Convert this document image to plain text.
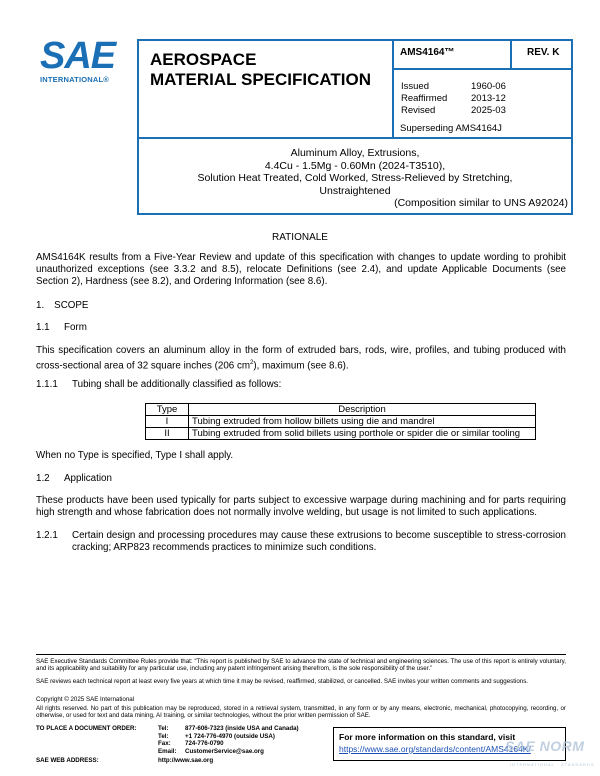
SAE
INTERNATIONAL®
AEROSPACE
MATERIAL SPECIFICATION
AMS4164™	REV. K
Issued	1960-06
Reaffirmed 2013-12
Revised	2025-03
Superseding AMS4164J
Aluminum Alloy, Extrusions,
4.4Cu - 1.5Mg - 0.60Mn (2024-T3510),
Solution Heat Treated, Cold Worked, Stress-Relieved by Stretching,
Unstraightened
(Composition similar to UNS A92024)
RATIONALE
AMS4164K results from a Five-Year Review and update of this specification with changes to update wording to prohibit unauthorized exceptions (see 3.3.2 and 8.5), relocate Definitions (see 2.4), and update Applicable Documents (see Section 2), Hardness (see 8.2), and Ordering Information (see 8.6).
1. SCOPE
1.1 Form
This specification covers an aluminum alloy in the form of extruded bars, rods, wire, profiles, and tubing produced with cross-sectional area of 32 square inches (206 $cm^2$), maximum (see 8.6).
1.1.1 Tubing shall be additionally classified as follows:
Type	Description
I	Tubing extruded from hollow billets using die and mandrel
II	Tubing extruded from solid billets using porthole or spider die or similar tooling
When no Type is specified, Type I shall apply.
1.2 Application
These products have been used typically for parts subject to excessive warpage during machining and for parts requiring high strength and whose fabrication does not normally involve welding, but usage is not limited to such applications.
1.2.1 Certain design and processing procedures may cause these extrusions to become susceptible to stress-corrosion cracking; ARP823 recommends practices to minimize such conditions.
SAE Executive Standards Committee Rules provide that: “This report is published by SAE to advance the state of technical and engineering sciences. The use of this report is entirely voluntary, and its applicability and suitability for any particular use, including any patent infringement arising therefrom, is the sole responsibility of the user.”
SAE reviews each technical report at least every five years at which time it may be revised, reaffirmed, stabilized, or cancelled. SAE invites your written comments and suggestions.
Copyright © 2025 SAE International
All rights reserved. No part of this publication may be reproduced, stored in a retrieval system, transmitted, in any form or by any means, electronic, mechanical, photocopying, recording, or otherwise, or used for text and data mining, AI training, or similar technologies, without the prior written permission of SAE.
TO PLACE A DOCUMENT ORDER:	Tel:	877-606-7323 (inside USA and Canada)
Tel:	+1 724-776-4970 (outside USA)
Fax: 724-776-0790
Email: CustomerService@sae.org
SAE WEB ADDRESS:	http://www.sae.org
For more information on this standard, visit
https://www.sae.org/standards/content/AMS4164K/
SAE NORM
INTERNATIONAL · STANDARDS
